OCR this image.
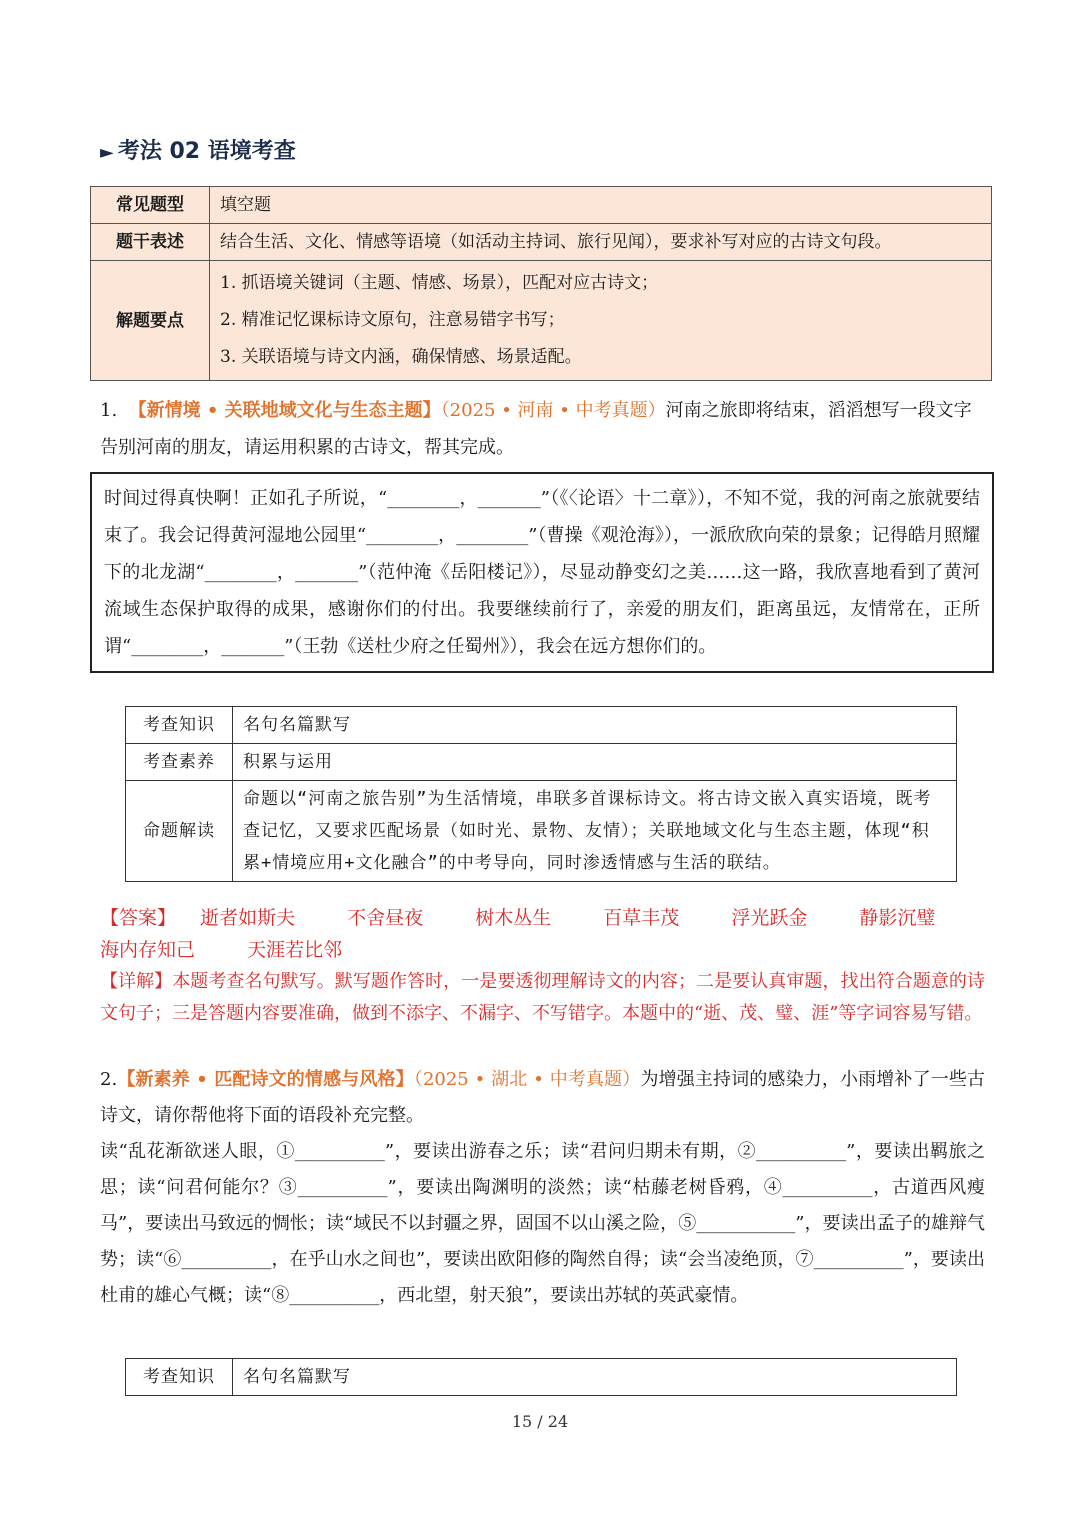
► 考法 02 语境考查
常见题型	填空题
题干表述	结合生活、文化、情感等语境（如活动主持词、旅行见闻），要求补写对应的古诗文句段。
解题要点	1. 抓语境关键词（主题、情感、场景），匹配对应古诗文；
2. 精准记忆课标诗文原句，注意易错字书写；
3. 关联语境与诗文内涵，确保情感、场景适配。
1. 【新情境 • 关联地域文化与生态主题】（2025 • 河南 • 中考真题）河南之旅即将结束，滔滔想写一段文字告别河南的朋友，请运用积累的古诗文，帮其完成。
时间过得真快啊！正如孔子所说，“________，_______”（《〈论语〉十二章》），不知不觉，我的河南之旅就要结束了。我会记得黄河湿地公园里“________，________”（曹操《观沧海》），一派欣欣向荣的景象；记得皓月照耀下的北龙湖“________，_______”（范仲淹《岳阳楼记》），尽显动静变幻之美……这一路，我欣喜地看到了黄河流域生态保护取得的成果，感谢你们的付出。我要继续前行了，亲爱的朋友们，距离虽远，友情常在，正所谓“________，_______”（王勃《送杜少府之任蜀州》），我会在远方想你们的。
考查知识	名句名篇默写
考查素养	积累与运用
命题解读	命题以“河南之旅告别”为生活情境，串联多首课标诗文。将古诗文嵌入真实语境，既考查记忆，又要求匹配场景（如时光、景物、友情）；关联地域文化与生态主题，体现“积累+情境应用+文化融合”的中考导向，同时渗透情感与生活的联结。
【答案】 逝者如斯夫	不舍昼夜	树木丛生	百草丰茂	浮光跃金	静影沉璧 海内存知己	天涯若比邻
【详解】本题考查名句默写。默写题作答时，一是要透彻理解诗文的内容；二是要认真审题，找出符合题意的诗文句子；三是答题内容要准确，做到不添字、不漏字、不写错字。本题中的“逝、茂、璧、涯”等字词容易写错。
2.【新素养 • 匹配诗文的情感与风格】（2025 • 湖北 • 中考真题）为增强主持词的感染力，小雨增补了一些古诗文，请你帮他将下面的语段补充完整。
读“乱花渐欲迷人眼，①__________”，要读出游春之乐；读“君问归期未有期，②__________”，要读出羁旅之思；读“问君何能尔？③__________”，要读出陶渊明的淡然；读“枯藤老树昏鸦，④__________，古道西风瘦马”，要读出马致远的惆怅；读“域民不以封疆之界，固国不以山溪之险，⑤___________”，要读出孟子的雄辩气势；读“⑥__________，在乎山水之间也”，要读出欧阳修的陶然自得；读“会当凌绝顶，⑦__________”，要读出杜甫的雄心气概；读“⑧__________，西北望，射天狼”，要读出苏轼的英武豪情。
考查知识	名句名篇默写
15 / 24
